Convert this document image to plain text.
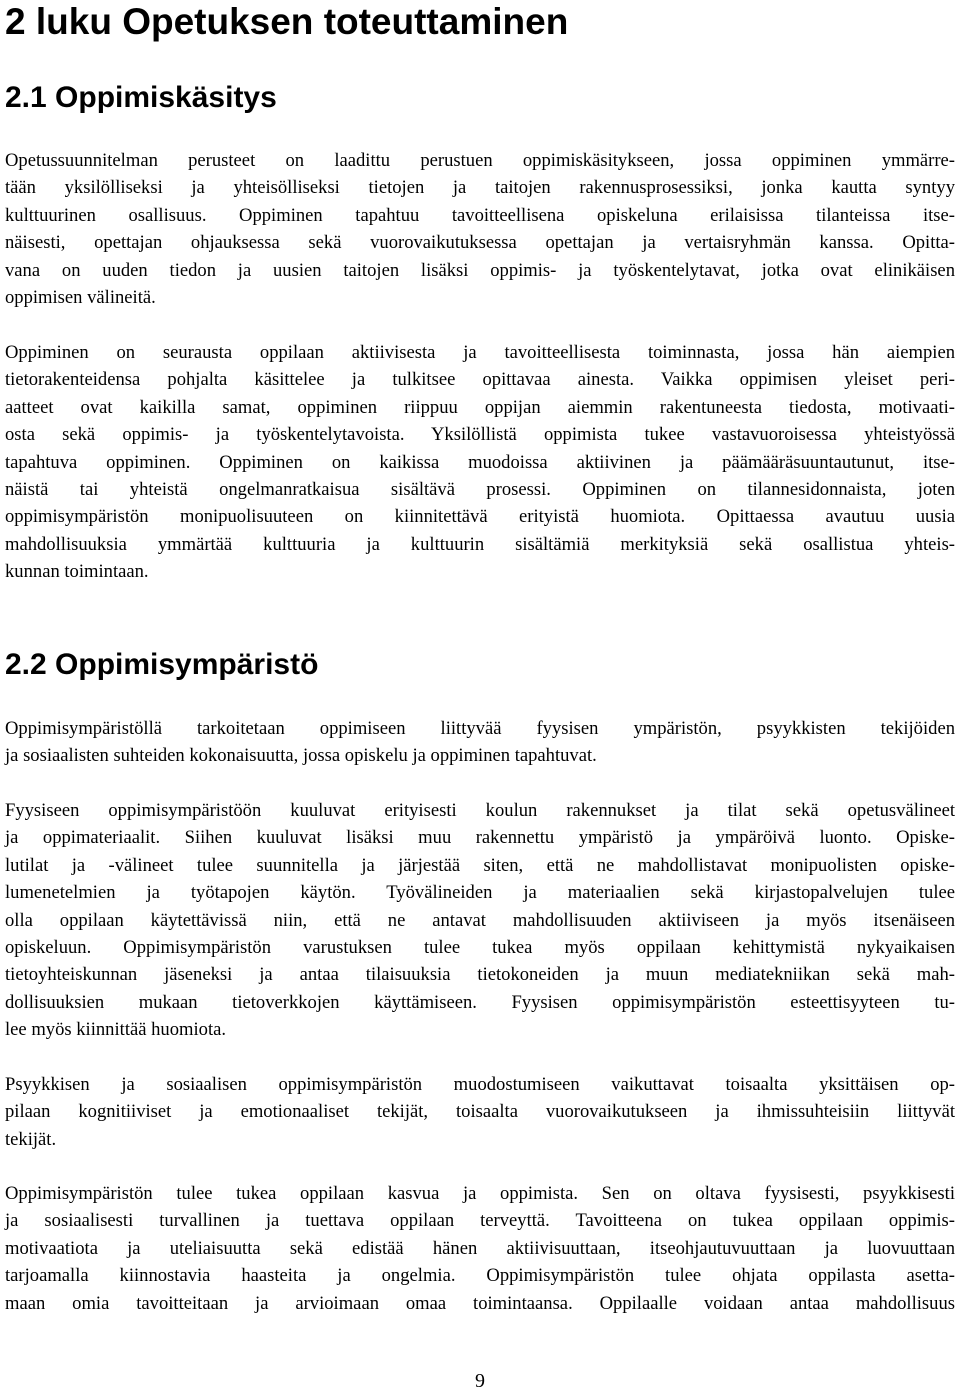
2 luku Opetuksen toteuttaminen
2.1 Oppimiskäsitys
Opetussuunnitelman perusteet on laadittu perustuen oppimiskäsitykseen, jossa oppiminen ymmärre-
tään yksilölliseksi ja yhteisölliseksi tietojen ja taitojen rakennusprosessiksi, jonka kautta syntyy
kulttuurinen osallisuus. Oppiminen tapahtuu tavoitteellisena opiskeluna erilaisissa tilanteissa itse-
näisesti, opettajan ohjauksessa sekä vuorovaikutuksessa opettajan ja vertaisryhmän kanssa. Opitta-
vana on uuden tiedon ja uusien taitojen lisäksi oppimis- ja työskentelytavat, jotka ovat elinikäisen
oppimisen välineitä.
Oppiminen on seurausta oppilaan aktiivisesta ja tavoitteellisesta toiminnasta, jossa hän aiempien
tietorakenteidensa pohjalta käsittelee ja tulkitsee opittavaa ainesta. Vaikka oppimisen yleiset peri-
aatteet ovat kaikilla samat, oppiminen riippuu oppijan aiemmin rakentuneesta tiedosta, motivaati-
osta sekä oppimis- ja työskentelytavoista. Yksilöllistä oppimista tukee vastavuoroisessa yhteistyössä
tapahtuva oppiminen. Oppiminen on kaikissa muodoissa aktiivinen ja päämääräsuuntautunut, itse-
näistä tai yhteistä ongelmanratkaisua sisältävä prosessi. Oppiminen on tilannesidonnaista, joten
oppimisympäristön monipuolisuuteen on kiinnitettävä erityistä huomiota. Opittaessa avautuu uusia
mahdollisuuksia ymmärtää kulttuuria ja kulttuurin sisältämiä merkityksiä sekä osallistua yhteis-
kunnan toimintaan.
2.2 Oppimisympäristö
Oppimisympäristöllä tarkoitetaan oppimiseen liittyvää fyysisen ympäristön, psyykkisten tekijöiden
ja sosiaalisten suhteiden kokonaisuutta, jossa opiskelu ja oppiminen tapahtuvat.
Fyysiseen oppimisympäristöön kuuluvat erityisesti koulun rakennukset ja tilat sekä opetusvälineet
ja oppimateriaalit. Siihen kuuluvat lisäksi muu rakennettu ympäristö ja ympäröivä luonto. Opiske-
lutilat ja -välineet tulee suunnitella ja järjestää siten, että ne mahdollistavat monipuolisten opiske-
lumenetelmien ja työtapojen käytön. Työvälineiden ja materiaalien sekä kirjastopalvelujen tulee
olla oppilaan käytettävissä niin, että ne antavat mahdollisuuden aktiiviseen ja myös itsenäiseen
opiskeluun. Oppimisympäristön varustuksen tulee tukea myös oppilaan kehittymistä nykyaikaisen
tietoyhteiskunnan jäseneksi ja antaa tilaisuuksia tietokoneiden ja muun mediatekniikan sekä mah-
dollisuuksien mukaan tietoverkkojen käyttämiseen. Fyysisen oppimisympäristön esteettisyyteen tu-
lee myös kiinnittää huomiota.
Psyykkisen ja sosiaalisen oppimisympäristön muodostumiseen vaikuttavat toisaalta yksittäisen op-
pilaan kognitiiviset ja emotionaaliset tekijät, toisaalta vuorovaikutukseen ja ihmissuhteisiin liittyvät
tekijät.
Oppimisympäristön tulee tukea oppilaan kasvua ja oppimista. Sen on oltava fyysisesti, psyykkisesti
ja sosiaalisesti turvallinen ja tuettava oppilaan terveyttä. Tavoitteena on tukea oppilaan oppimis-
motivaatiota ja uteliaisuutta sekä edistää hänen aktiivisuuttaan, itseohjautuvuuttaan ja luovuuttaan
tarjoamalla kiinnostavia haasteita ja ongelmia. Oppimisympäristön tulee ohjata oppilasta asetta-
maan omia tavoitteitaan ja arvioimaan omaa toimintaansa. Oppilaalle voidaan antaa mahdollisuus
9
